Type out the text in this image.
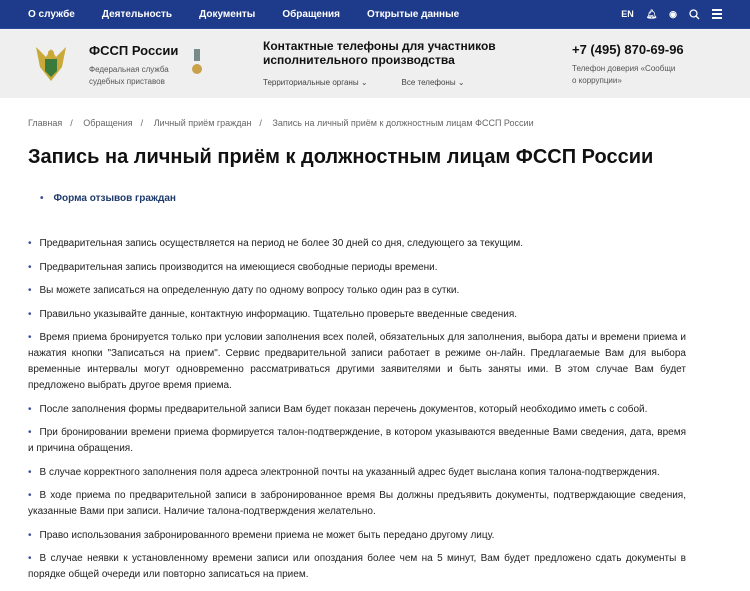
О службе	Деятельность	Документы	Обращения	Открытые данные	EN 🔔︎ ◉
ФССП России
Федеральная служба
судебных приставов
Контактные телефоны для участников
исполнительного производства
Территориальные органы ⌄	Все телефоны ⌄
+7 (495) 870-69-96
Телефон доверия «Сообщи
о коррупции»
Главная / Обращения / Личный приём граждан / Запись на личный приём к должностным лицам ФССП России
Запись на личный приём к должностным лицам ФССП России
• Форма отзывов граждан
• Предварительная запись осуществляется на период не более 30 дней со дня, следующего за текущим.
• Предварительная запись производится на имеющиеся свободные периоды времени.
• Вы можете записаться на определенную дату по одному вопросу только один раз в сутки.
• Правильно указывайте данные, контактную информацию. Тщательно проверьте введенные сведения.
• Время приема бронируется только при условии заполнения всех полей, обязательных для заполнения, выбора даты и времени приема и нажатия кнопки "Записаться на прием". Сервис предварительной записи работает в режиме он-лайн. Предлагаемые Вам для выбора временные интервалы могут одновременно рассматриваться другими заявителями и быть заняты ими. В этом случае Вам будет предложено выбрать другое время приема.
• После заполнения формы предварительной записи Вам будет показан перечень документов, который необходимо иметь с собой.
• При бронировании времени приема формируется талон-подтверждение, в котором указываются введенные Вами сведения, дата, время и причина обращения.
• В случае корректного заполнения поля адреса электронной почты на указанный адрес будет выслана копия талона-подтверждения.
• В ходе приема по предварительной записи в забронированное время Вы должны предъявить документы, подтверждающие сведения, указанные Вами при записи. Наличие талона-подтверждения желательно.
• Право использования забронированного времени приема не может быть передано другому лицу.
• В случае неявки к установленному времени записи или опоздания более чем на 5 минут, Вам будет предложено сдать документы в порядке общей очереди или повторно записаться на прием.
